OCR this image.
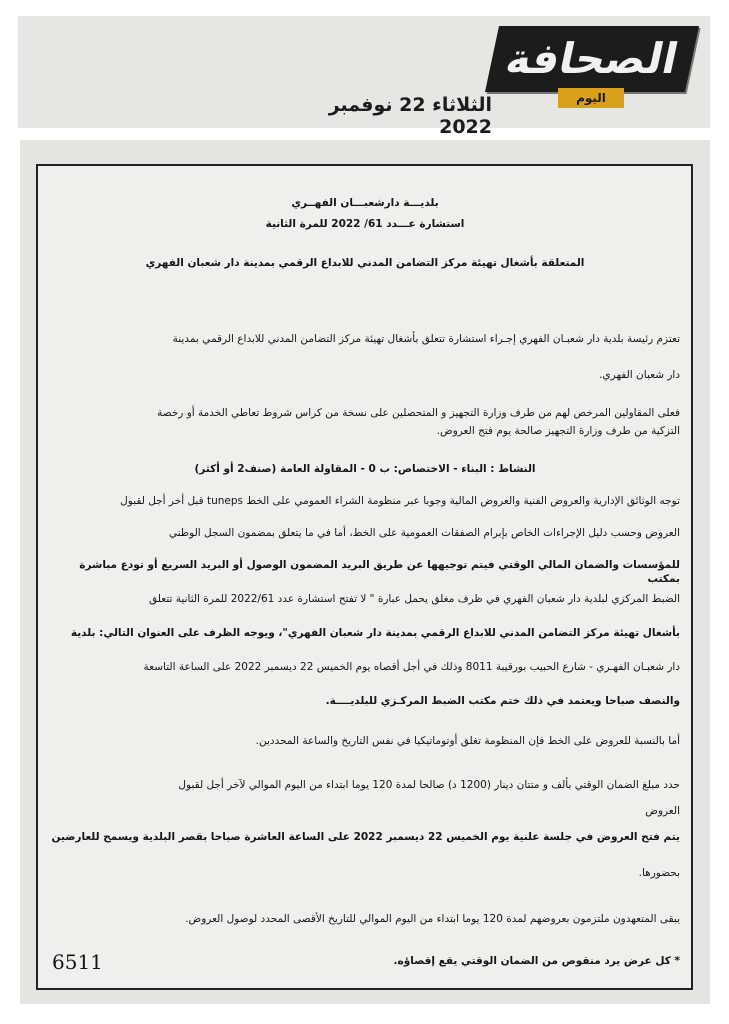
الصحافة
اليوم
الثلاثاء 22 نوفمبر 2022
بلديـــة دارشعبـــان الفهــري
استشارة عـــدد 61/ 2022 للمرة الثانية
المتعلقة بأشغال تهيئة مركز التضامن المدني للابداع الرقمي بمدينة دار شعبان الفهري
تعتزم رئيسة بلدية دار شعبـان الفهري إجـراء استشارة تتعلق بأشغال تهيئة مركز التضامن المدني للابداع الرقمي بمدينة
دار شعبان الفهري.
فعلى المقاولين المرخص لهم من طرف وزارة التجهيز و المتحصلين على نسخة من كراس شروط تعاطي الخدمة أو رخصة
التزكية من طرف وزارة التجهيز صالحة يوم فتح العروض.
النشاط : البناء - الاختصاص: ب 0 - المقاولة العامة (صنف2 أو أكثر)
توجه الوثائق الإدارية والعروض الفنية والعروض المالية وجوبا عبر منظومة الشراء العمومي على الخط tuneps قبل أخر أجل لقبول
العروض وحسب دليل الإجراءات الخاص بإبرام الصفقات العمومية على الخط، أما في ما يتعلق بمضمون السجل الوطني
للمؤسسات والضمان المالي الوقتي فيتم توجيهها عن طريق البريد المضمون الوصول أو البريد السريع أو تودع مباشرة بمكتب
الضبط المركزي لبلدية دار شعبان الفهري في ظرف مغلق يحمل عبارة " لا تفتح استشارة عدد 2022/61 للمرة الثانية تتعلق
بأشغال تهيئة مركز التضامن المدني للابداع الرقمي بمدينة دار شعبان الفهري"، ويوجه الظرف على العنوان التالي: بلدية
دار شعبـان الفهـري - شارع الحبيب بورقيبة 8011 وذلك في أجل أقصاه يوم الخميس 22 ديسمبر 2022 على الساعة التاسعة
والنصف صباحا ويعتمد في ذلك ختم مكتب الضبط المركـزي للبلديــــة.
أما بالنسبة للعروض على الخط فإن المنظومة تغلق أوتوماتيكيا في نفس التاريخ والساعة المحددين.
حدد مبلغ الضمان الوقتي بألف و متتان دينار (1200 د) صالحا لمدة 120 يوما ابتداء من اليوم الموالي لآخر أجل لقبول
العروض
يتم فتح العروض في جلسة علنية يوم الخميس 22 ديسمبر 2022 على الساعة العاشرة صباحا بقصر البلدية ويسمح للعارضين
بحضورها.
يبقى المتعهدون ملتزمون بعروضهم لمدة 120 يوما ابتداء من اليوم الموالي للتاريخ الأقصى المحدد لوصول العروض.
* كل عرض يرد منقوص من الضمان الوقتي يقع إقصاؤه.
6511
